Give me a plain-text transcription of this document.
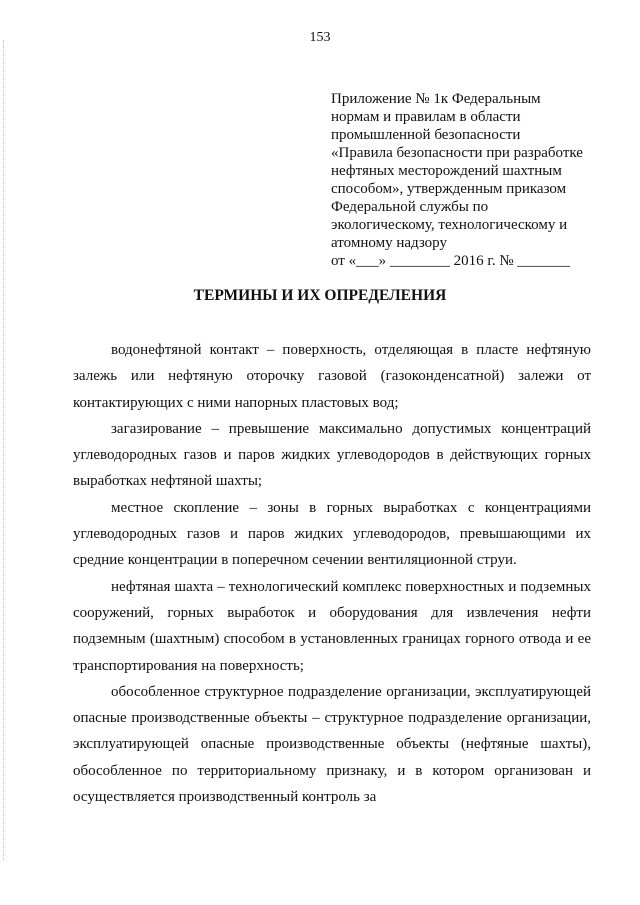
153
Приложение № 1к Федеральным
нормам и правилам в области
промышленной безопасности
«Правила безопасности при разработке
нефтяных месторождений шахтным
способом», утвержденным приказом
Федеральной службы по
экологическому, технологическому и
атомному надзору
от «___» ________ 2016 г. № _______
ТЕРМИНЫ И ИХ ОПРЕДЕЛЕНИЯ

водонефтяной контакт – поверхность, отделяющая в пласте нефтяную залежь или нефтяную оторочку газовой (газоконденсатной) залежи от контактирующих с ними напорных пластовых вод;

загазирование – превышение максимально допустимых концентраций углеводородных газов и паров жидких углеводородов в действующих горных выработках нефтяной шахты;

местное скопление – зоны в горных выработках с концентрациями углеводородных газов и паров жидких углеводородов, превышающими их средние концентрации в поперечном сечении вентиляционной струи.

нефтяная шахта – технологический комплекс поверхностных и подземных сооружений, горных выработок и оборудования для извлечения нефти подземным (шахтным) способом в установленных границах горного отвода и ее транспортирования на поверхность;

обособленное структурное подразделение организации, эксплуатирующей опасные производственные объекты – структурное подразделение организации, эксплуатирующей опасные производственные объекты (нефтяные шахты), обособленное по территориальному признаку, и в котором организован и осуществляется производственный контроль за
